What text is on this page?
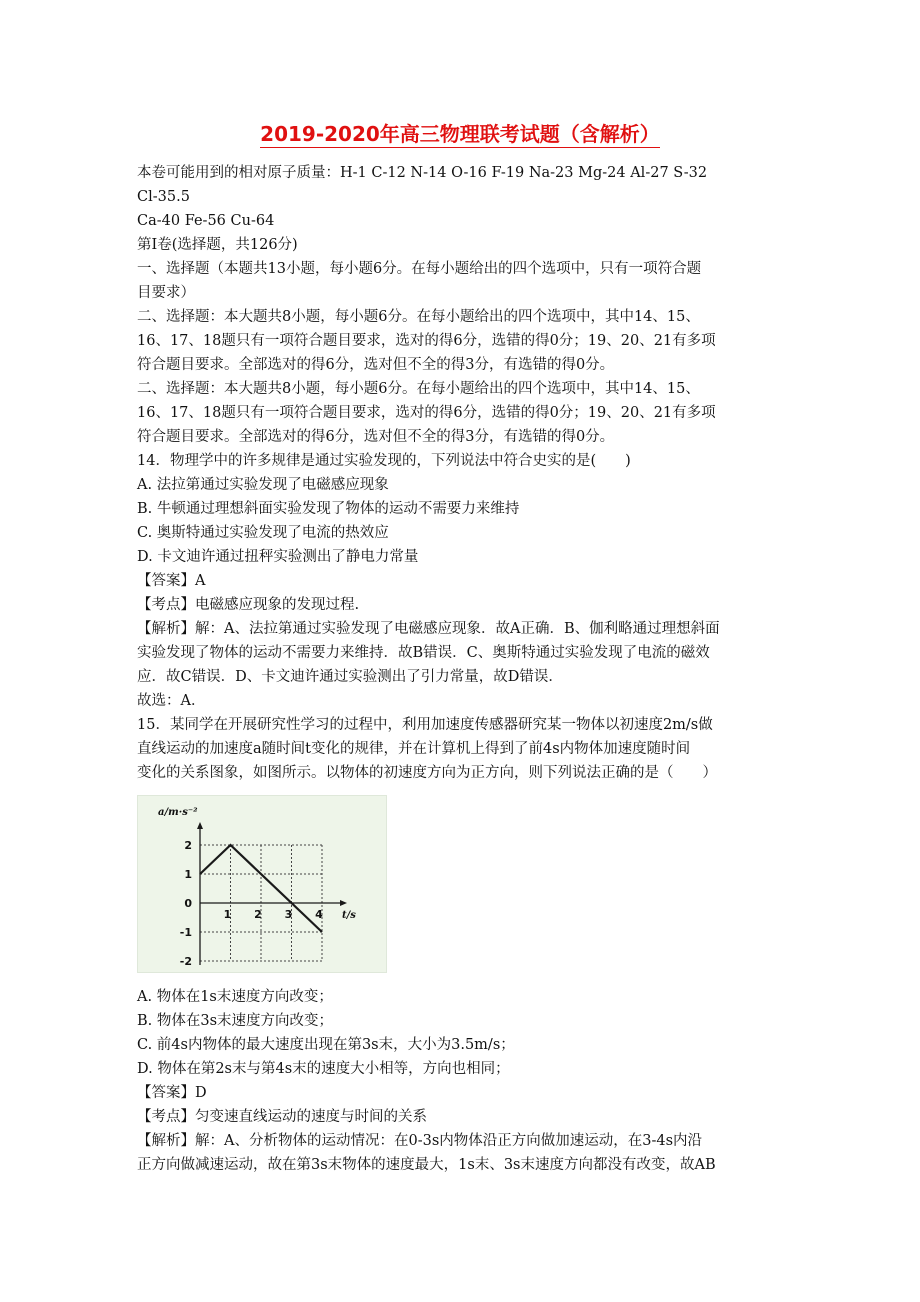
2019-2020年高三物理联考试题（含解析）
本卷可能用到的相对原子质量：H-1 C-12 N-14 O-16 F-19 Na-23 Mg-24 Al-27 S-32
Cl-35.5
Ca-40 Fe-56 Cu-64
第Ⅰ卷(选择题，共126分)
一、选择题（本题共13小题，每小题6分。在每小题给出的四个选项中，只有一项符合题
目要求）
二、选择题：本大题共8小题，每小题6分。在每小题给出的四个选项中，其中14、15、
16、17、18题只有一项符合题目要求，选对的得6分，选错的得0分；19、20、21有多项
符合题目要求。全部选对的得6分，选对但不全的得3分，有选错的得0分。
二、选择题：本大题共8小题，每小题6分。在每小题给出的四个选项中，其中14、15、
16、17、18题只有一项符合题目要求，选对的得6分，选错的得0分；19、20、21有多项
符合题目要求。全部选对的得6分，选对但不全的得3分，有选错的得0分。
14．物理学中的许多规律是通过实验发现的，下列说法中符合史实的是(　　)
A. 法拉第通过实验发现了电磁感应现象
B. 牛顿通过理想斜面实验发现了物体的运动不需要力来维持
C. 奥斯特通过实验发现了电流的热效应
D. 卡文迪许通过扭秤实验测出了静电力常量
【答案】A
【考点】电磁感应现象的发现过程.
【解析】解：A、法拉第通过实验发现了电磁感应现象．故A正确．B、伽利略通过理想斜面
实验发现了物体的运动不需要力来维持．故B错误．C、奥斯特通过实验发现了电流的磁效
应．故C错误．D、卡文迪许通过实验测出了引力常量，故D错误．
故选：A．
15．某同学在开展研究性学习的过程中，利用加速度传感器研究某一物体以初速度2m/s做
直线运动的加速度a随时间t变化的规律，并在计算机上得到了前4s内物体加速度随时间
变化的关系图象，如图所示。以物体的初速度方向为正方向，则下列说法正确的是（　　）
2
1
0
-1
-2
1 2 3 4
a/m·s⁻²
t/s
A. 物体在1s末速度方向改变；
B. 物体在3s末速度方向改变；
C. 前4s内物体的最大速度出现在第3s末，大小为3.5m/s；
D. 物体在第2s末与第4s末的速度大小相等，方向也相同；
【答案】D
【考点】匀变速直线运动的速度与时间的关系
【解析】解：A、分析物体的运动情况：在0-3s内物体沿正方向做加速运动，在3-4s内沿
正方向做减速运动，故在第3s末物体的速度最大，1s末、3s末速度方向都没有改变，故AB
